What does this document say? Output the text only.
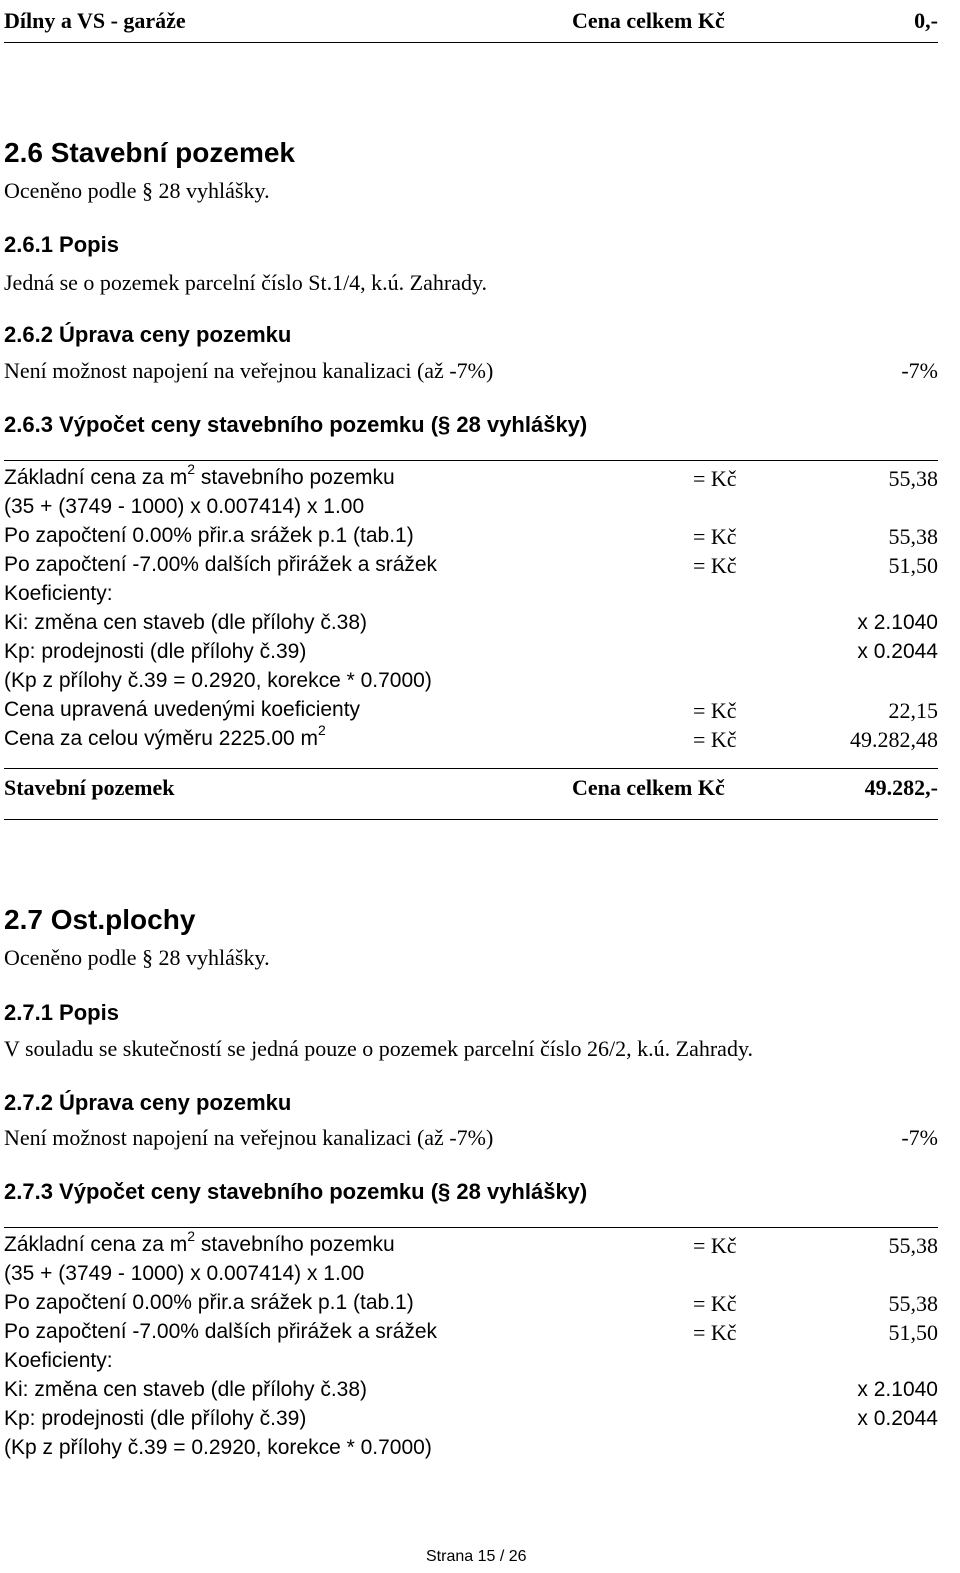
Dílny a VS - garáže	Cena celkem Kč	0,-
2.6 Stavební pozemek
Oceněno podle § 28 vyhlášky.
2.6.1 Popis
Jedná se o pozemek parcelní číslo St.1/4, k.ú. Zahrady.
2.6.2 Úprava ceny pozemku
Není možnost napojení na veřejnou kanalizaci (až -7%)	-7%
2.6.3 Výpočet ceny stavebního pozemku (§ 28 vyhlášky)
Základní cena za $m^2$ stavebního pozemku	= Kč	55,38
(35 + (3749 - 1000) x 0.007414) x 1.00
Po započtení 0.00% přir.a srážek p.1 (tab.1)	= Kč	55,38
Po započtení -7.00% dalších přirážek a srážek	= Kč	51,50
Koeficienty:
Ki: změna cen staveb (dle přílohy č.38)	x 2.1040
Kp: prodejnosti (dle přílohy č.39)	x 0.2044
(Kp z přílohy č.39 = 0.2920, korekce * 0.7000)
Cena upravená uvedenými koeficienty	= Kč	22,15
Cena za celou výměru 2225.00 $m^2$	= Kč	49.282,48
Stavební pozemek	Cena celkem Kč	49.282,-
2.7 Ost.plochy
Oceněno podle § 28 vyhlášky.
2.7.1 Popis
V souladu se skutečností se jedná pouze o pozemek parcelní číslo 26/2, k.ú. Zahrady.
2.7.2 Úprava ceny pozemku
Není možnost napojení na veřejnou kanalizaci (až -7%)	-7%
2.7.3 Výpočet ceny stavebního pozemku (§ 28 vyhlášky)
Základní cena za $m^2$ stavebního pozemku	= Kč	55,38
(35 + (3749 - 1000) x 0.007414) x 1.00
Po započtení 0.00% přir.a srážek p.1 (tab.1)	= Kč	55,38
Po započtení -7.00% dalších přirážek a srážek	= Kč	51,50
Koeficienty:
Ki: změna cen staveb (dle přílohy č.38)	x 2.1040
Kp: prodejnosti (dle přílohy č.39)	x 0.2044
(Kp z přílohy č.39 = 0.2920, korekce * 0.7000)
Strana 15 / 26
